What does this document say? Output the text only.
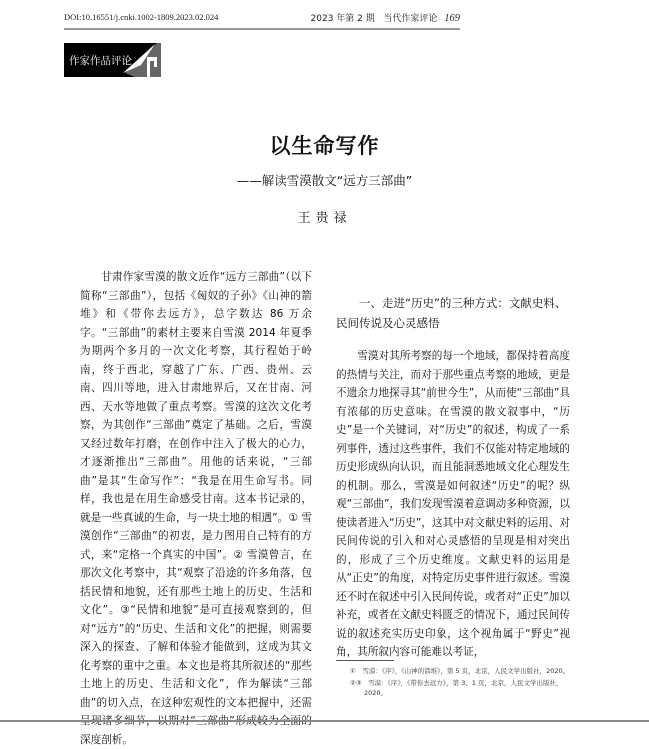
DOI:10.16551/j.cnki.1002-1809.2023.02.024	2023 年第 2 期 当代作家评论 169
作家作品评论
以生命写作
——解读雪漠散文“远方三部曲”
王贵禄

甘肃作家雪漠的散文近作“远方三部曲”（以下简称“三部曲”），包括《匈奴的子孙》《山神的箭堆》和《带你去远方》，总字数达 86 万余字。“三部曲”的素材主要来自雪漠 2014 年夏季为期两个多月的一次文化考察，其行程始于岭南，终于西北，穿越了广东、广西、贵州、云南、四川等地，进入甘肃地界后，又在甘南、河西、天水等地做了重点考察。雪漠的这次文化考察，为其创作“三部曲”奠定了基础。之后，雪漠又经过数年打磨，在创作中注入了极大的心力，才逐渐推出“三部曲”。用他的话来说，“三部曲”是其“生命写作”：“我是在用生命写书。同样，我也是在用生命感受甘南。这本书记录的，就是一些真诚的生命，与一块土地的相遇”。① 雪漠创作“三部曲”的初衷，是力图用自己特有的方式，来“定格一个真实的中国”。② 雪漠曾言，在那次文化考察中，其“观察了沿途的许多角落，包括民情和地貌，还有那些土地上的历史、生活和文化”。③“民情和地貌”是可直接观察到的，但对“远方”的“历史、生活和文化”的把握，则需要深入的探查、了解和体验才能做到，这成为其文化考察的重中之重。本文也是将其所叙述的“那些土地上的历史、生活和文化”，作为解读“三部曲”的切入点，在这种宏观性的文本把握中，还需 深度剖析。

一、走进“历史”的三种方式：文献史料、民间传说及心灵感悟

雪漠对其所考察的每一个地域，都保持着高度的热情与关注，而对于那些重点考察的地域，更是不遗余力地探寻其“前世今生”，从而使“三部曲”具有浓郁的历史意味。在雪漠的散文叙事中，“历史”是一个关键词，对“历史”的叙述，构成了一系列事件，透过这些事件，我们不仅能对特定地域的历史形成纵向认识，而且能洞悉地域文化心理发生的机制。那么，雪漠是如何叙述“历史”的呢？纵观“三部曲”，我们发现雪漠着意调动多种资源，以使读者进入“历史”，这其中对文献史料的运用、对民间传说的引入和对心灵感悟的呈现是相对突出的，形成了三个历史维度。文献史料的运用是从“正史”的角度，对特定历史事件进行叙述。雪漠还不时在叙述中引入民间传说，或者对“正史”加以补充，或者在文献史料匮乏的情况下，通过民间传说的叙述充实历史印象，这个视角属于“野史”视角，其所叙内容可能难以考证，

①　雪漠：《序》，《山神的箭堆》，第 5 页，北京，人民文学出版社，2020。
②③　雪漠：《序》，《带你去远方》，第 3、1 页，北京，人民文学出版社，2020。
